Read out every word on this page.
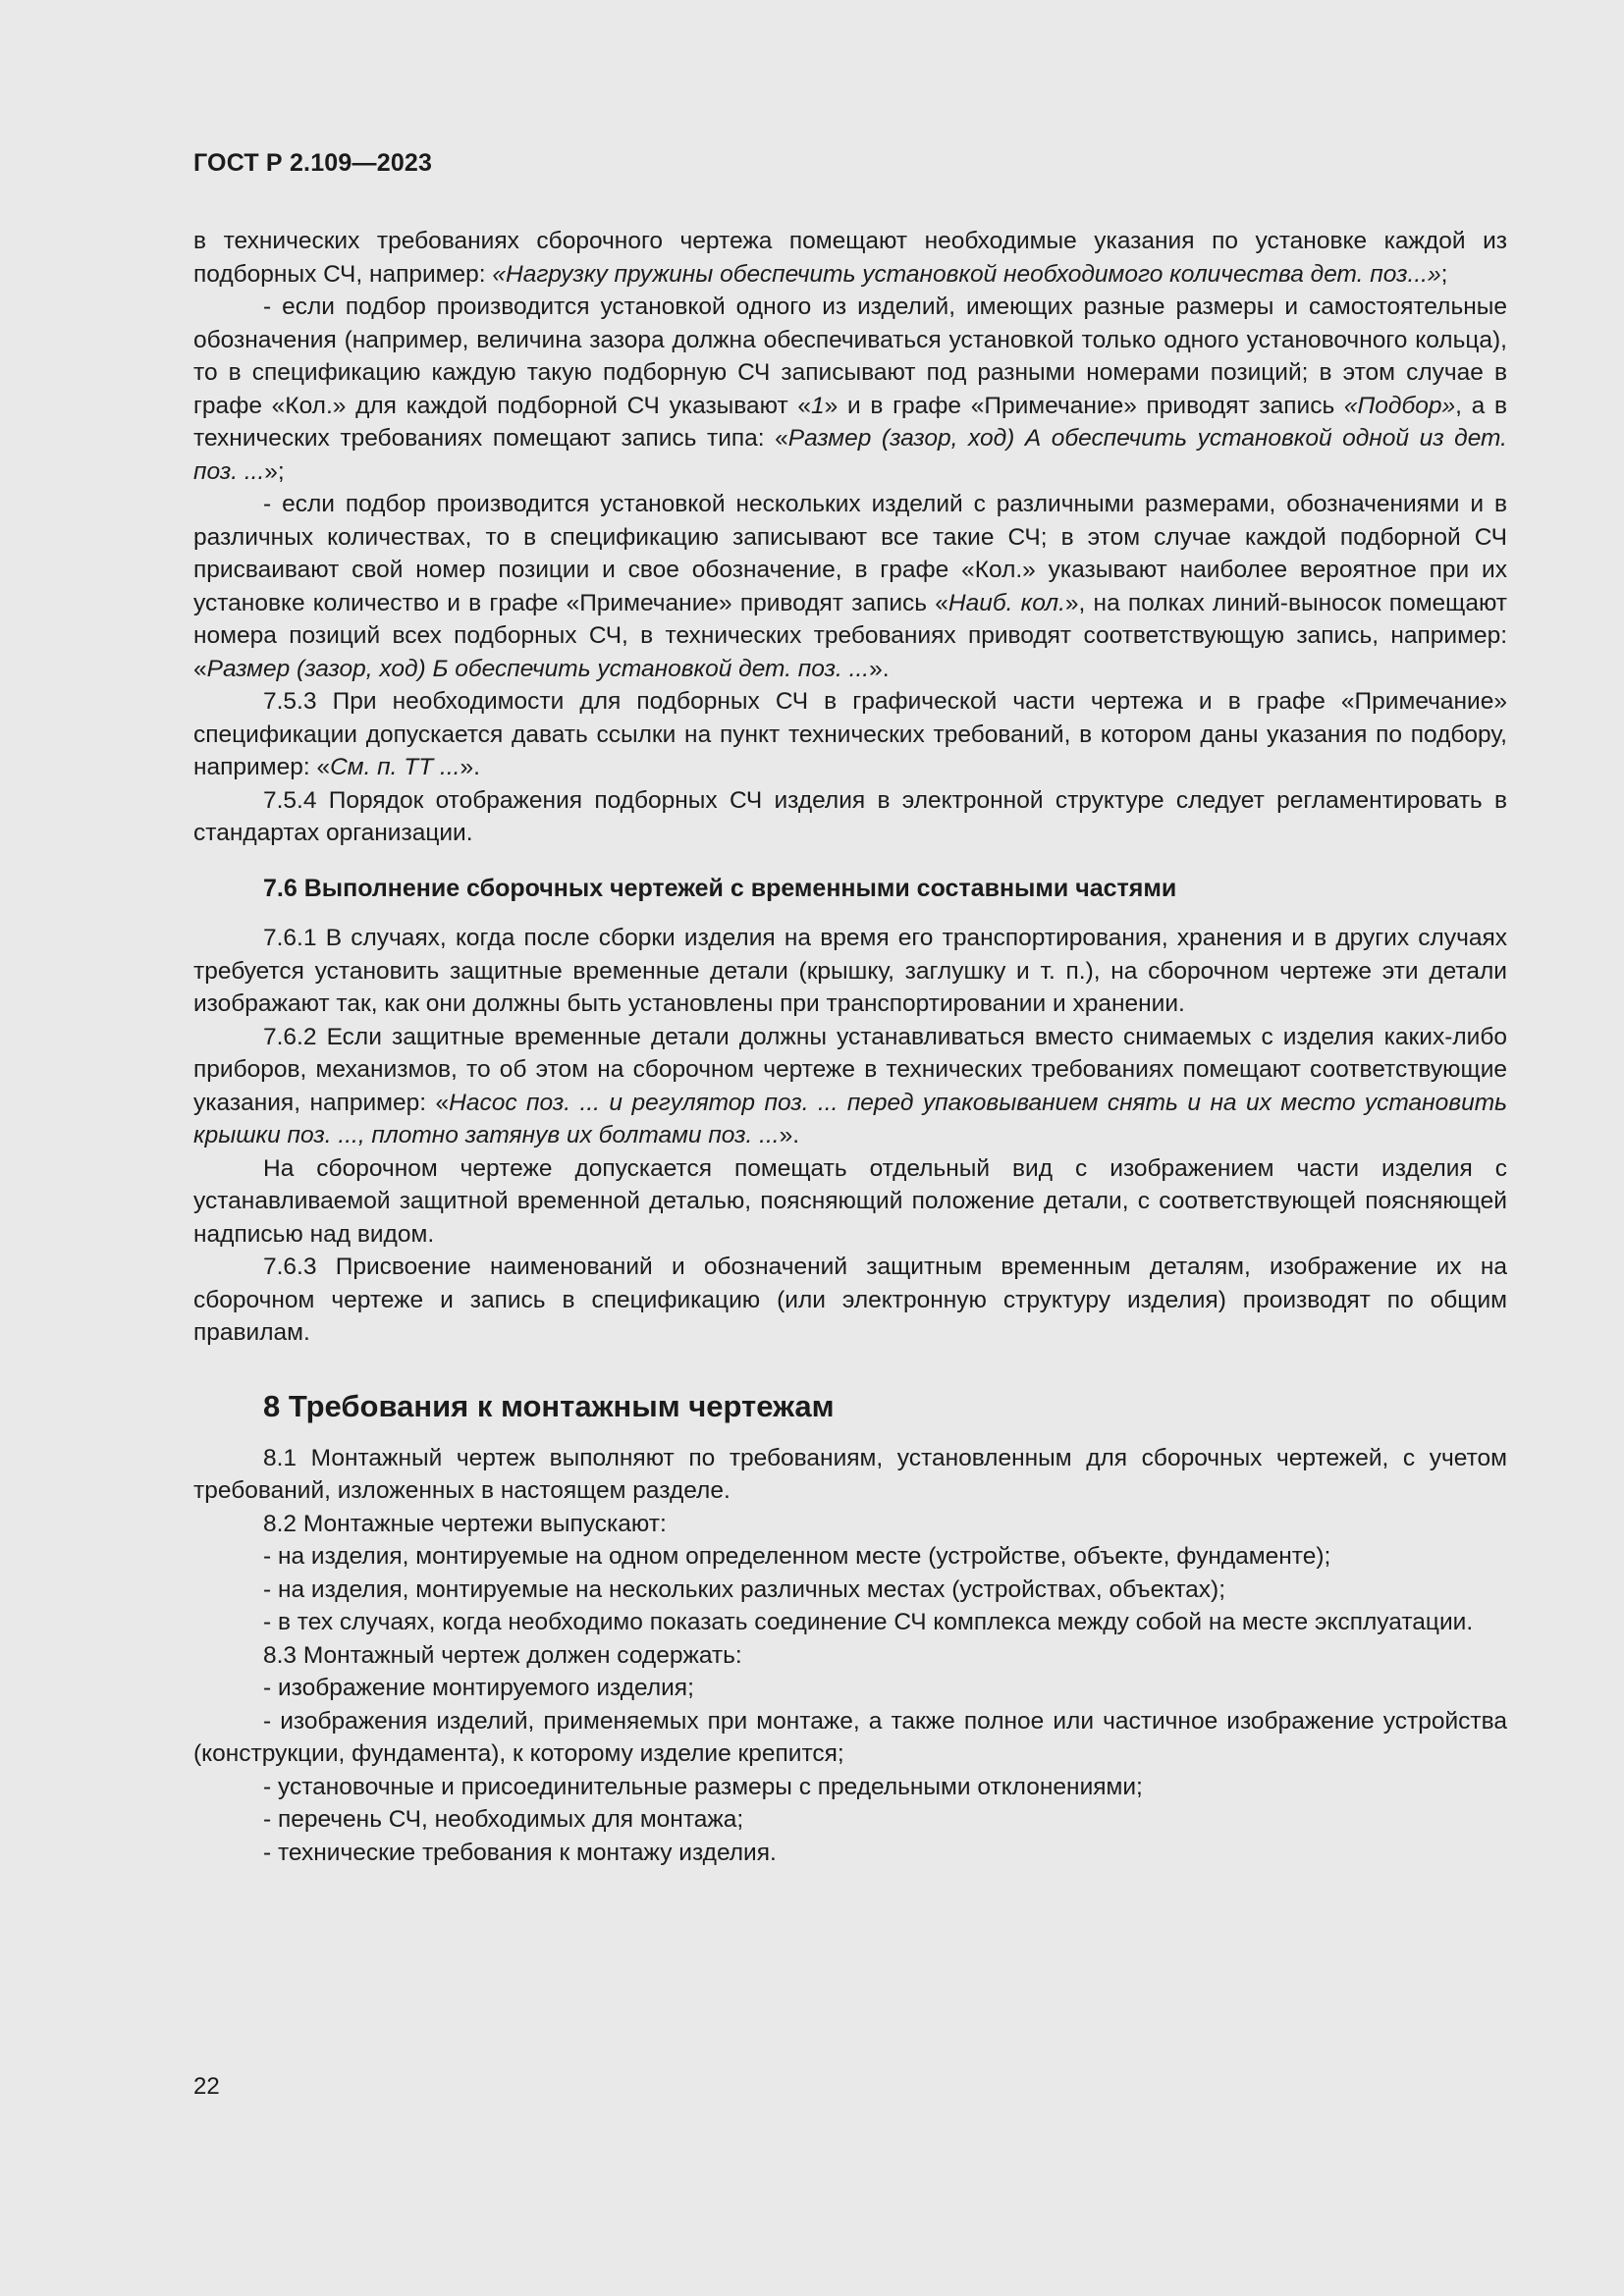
ГОСТ Р 2.109—2023

в технических требованиях сборочного чертежа помещают необходимые указания по установке каждой из подборных СЧ, например: «Нагрузку пружины обеспечить установкой необходимого количества дет. поз...»;

- если подбор производится установкой одного из изделий, имеющих разные размеры и самостоятельные обозначения (например, величина зазора должна обеспечиваться установкой только одного установочного кольца), то в спецификацию каждую такую подборную СЧ записывают под разными номерами позиций; в этом случае в графе «Кол.» для каждой подборной СЧ указывают «1» и в графе «Примечание» приводят запись «Подбор», а в технических требованиях помещают запись типа: «Размер (зазор, ход) А обеспечить установкой одной из дет. поз. ...»;

- если подбор производится установкой нескольких изделий с различными размерами, обозначениями и в различных количествах, то в спецификацию записывают все такие СЧ; в этом случае каждой подборной СЧ присваивают свой номер позиции и свое обозначение, в графе «Кол.» указывают наиболее вероятное при их установке количество и в графе «Примечание» приводят запись «Наиб. кол.», на полках линий-выносок помещают номера позиций всех подборных СЧ, в технических требованиях приводят соответствующую запись, например: «Размер (зазор, ход) Б обеспечить установкой дет. поз. ...».

7.5.3 При необходимости для подборных СЧ в графической части чертежа и в графе «Примечание» спецификации допускается давать ссылки на пункт технических требований, в котором даны указания по подбору, например: «См. п. ТТ ...».

7.5.4 Порядок отображения подборных СЧ изделия в электронной структуре следует регламентировать в стандартах организации.

7.6 Выполнение сборочных чертежей с временными составными частями

7.6.1 В случаях, когда после сборки изделия на время его транспортирования, хранения и в других случаях требуется установить защитные временные детали (крышку, заглушку и т. п.), на сборочном чертеже эти детали изображают так, как они должны быть установлены при транспортировании и хранении.

7.6.2 Если защитные временные детали должны устанавливаться вместо снимаемых с изделия каких-либо приборов, механизмов, то об этом на сборочном чертеже в технических требованиях помещают соответствующие указания, например: «Насос поз. ... и регулятор поз. ... перед упаковыванием снять и на их место установить крышки поз. ..., плотно затянув их болтами поз. ...».

На сборочном чертеже допускается помещать отдельный вид с изображением части изделия с устанавливаемой защитной временной деталью, поясняющий положение детали, с соответствующей поясняющей надписью над видом.

7.6.3 Присвоение наименований и обозначений защитным временным деталям, изображение их на сборочном чертеже и запись в спецификацию (или электронную структуру изделия) производят по общим правилам.

8 Требования к монтажным чертежам

8.1 Монтажный чертеж выполняют по требованиям, установленным для сборочных чертежей, с учетом требований, изложенных в настоящем разделе.

8.2 Монтажные чертежи выпускают:

- на изделия, монтируемые на одном определенном месте (устройстве, объекте, фундаменте);

- на изделия, монтируемые на нескольких различных местах (устройствах, объектах);

- в тех случаях, когда необходимо показать соединение СЧ комплекса между собой на месте эксплуатации.

8.3 Монтажный чертеж должен содержать:

- изображение монтируемого изделия;

- изображения изделий, применяемых при монтаже, а также полное или частичное изображение устройства (конструкции, фундамента), к которому изделие крепится;

- установочные и присоединительные размеры с предельными отклонениями;

- перечень СЧ, необходимых для монтажа;

- технические требования к монтажу изделия.

22
